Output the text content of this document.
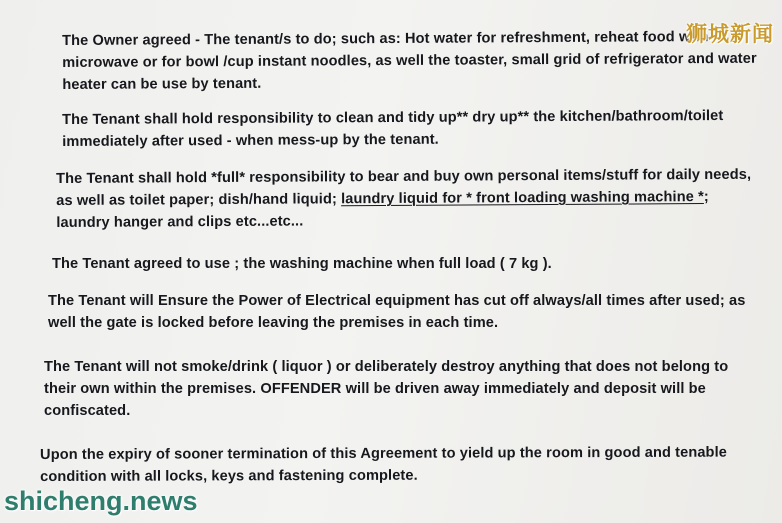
The Owner agreed - The tenant/s to do; such as: Hot water for refreshment, reheat food with
microwave or for bowl /cup instant noodles, as well the toaster, small grid of refrigerator and water
heater can be use by tenant.
The Tenant shall hold responsibility to clean and tidy up** dry up** the kitchen/bathroom/toilet
immediately after used - when mess-up by the tenant.
The Tenant shall hold *full* responsibility to bear and buy own personal items/stuff for daily needs,
as well as toilet paper; dish/hand liquid; laundry liquid for * front loading washing machine *;
laundry hanger and clips etc...etc...
The Tenant agreed to use ; the washing machine when full load ( 7 kg ).
The Tenant will Ensure the Power of Electrical equipment has cut off always/all times after used; as
well the gate is locked before leaving the premises in each time.
The Tenant will not smoke/drink ( liquor ) or deliberately destroy anything that does not belong to
their own within the premises. OFFENDER will be driven away immediately and deposit will be
confiscated.
Upon the expiry of sooner termination of this Agreement to yield up the room in good and tenable
condition with all locks, keys and fastening complete.
狮城新闻
shicheng.news
